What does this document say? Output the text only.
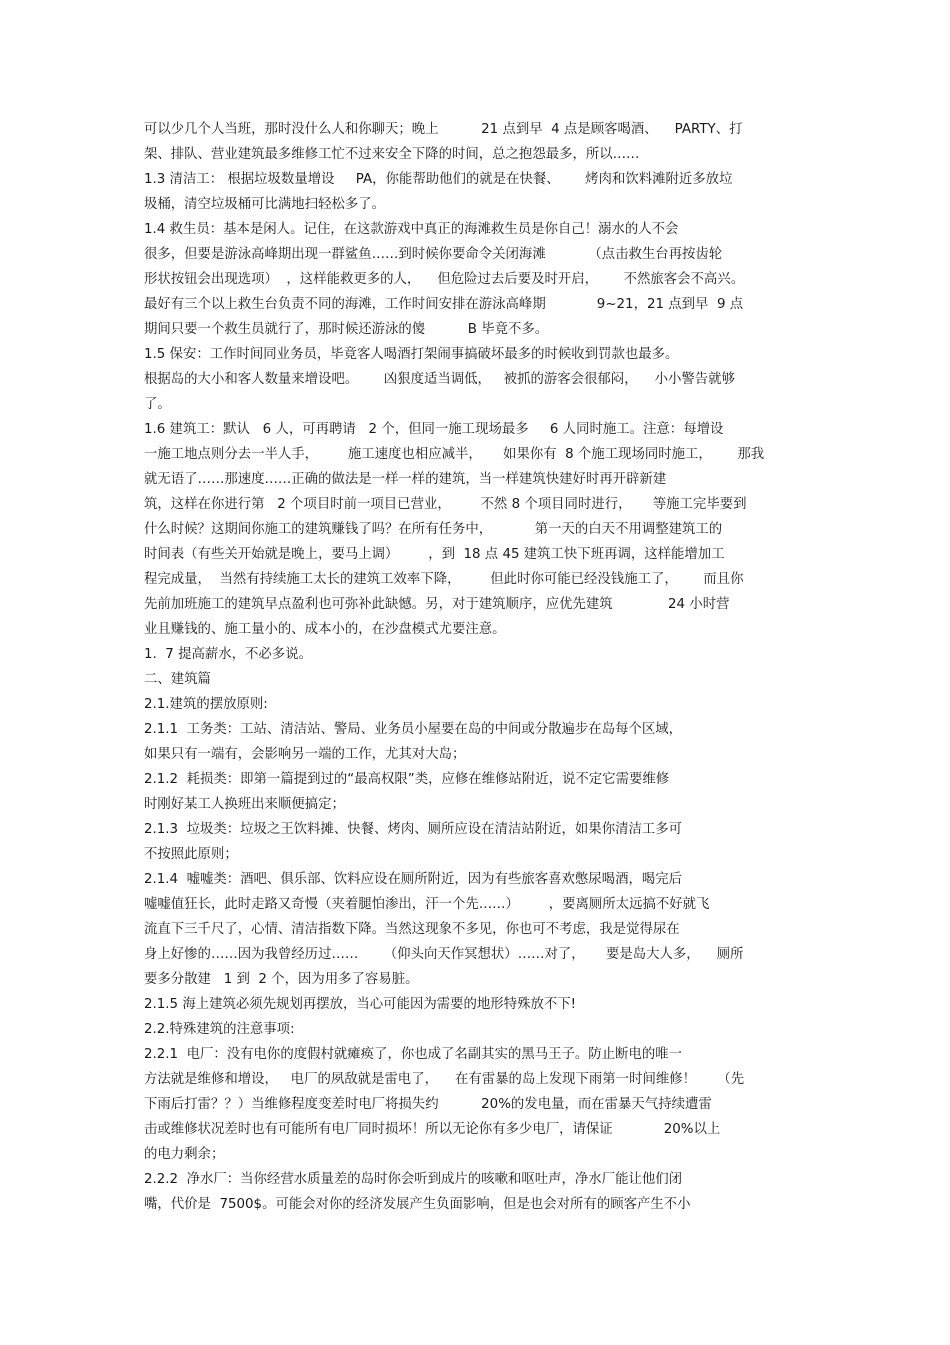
可以少几个人当班，那时没什么人和你聊天；晚上          21 点到早  4 点是顾客喝酒、    PARTY、打
架、排队、营业建筑最多维修工忙不过来安全下降的时间，总之抱怨最多，所以……
1.3 清洁工： 根据垃圾数量增设     PA，你能帮助他们的就是在快餐、      烤肉和饮料滩附近多放垃
圾桶，清空垃圾桶可比满地扫轻松多了。
1.4 救生员：基本是闲人。记住，在这款游戏中真正的海滩救生员是你自己！溺水的人不会
很多，但要是游泳高峰期出现一群鲨鱼……到时候你要命令关闭海滩          （点击救生台再按齿轮
形状按钮会出现选项）  ，这样能救更多的人，    但危险过去后要及时开启，      不然旅客会不高兴。
最好有三个以上救生台负责不同的海滩，工作时间安排在游泳高峰期            9~21，21 点到早  9 点
期间只要一个救生员就行了，那时候还游泳的傻          B 毕竟不多。
1.5 保安：工作时间同业务员，毕竟客人喝酒打架闹事搞破坏最多的时候收到罚款也最多。
根据岛的大小和客人数量来增设吧。      凶狠度适当调低，   被抓的游客会很郁闷，    小小警告就够
了。
1.6 建筑工：默认   6 人，可再聘请   2 个，但同一施工现场最多     6 人同时施工。注意：每增设
一施工地点则分去一半人手，       施工速度也相应减半，     如果你有  8 个施工现场同时施工，      那我
就无语了……那速度……正确的做法是一样一样的建筑，当一样建筑快建好时再开辟新建
筑，这样在你进行第   2 个项目时前一项目已营业，       不然 8 个项目同时进行，     等施工完毕要到
什么时候？这期间你施工的建筑赚钱了吗？在所有任务中，          第一天的白天不用调整建筑工的
时间表（有些关开始就是晚上，要马上调）       ，到  18 点 45 建筑工快下班再调，这样能增加工
程完成量，  当然有持续施工太长的建筑工效率下降，       但此时你可能已经没钱施工了，      而且你
先前加班施工的建筑早点盈利也可弥补此缺憾。另，对于建筑顺序，应优先建筑             24 小时营
业且赚钱的、施工量小的、成本小的，在沙盘模式尤要注意。
1.  7 提高薪水，不必多说。
二、建筑篇
2.1.建筑的摆放原则:
2.1.1  工务类：工站、清洁站、警局、业务员小屋要在岛的中间或分散遍步在岛每个区域，
如果只有一端有，会影响另一端的工作，尤其对大岛；
2.1.2  耗损类：即第一篇提到过的“最高权限”类，应修在维修站附近，说不定它需要维修
时刚好某工人换班出来顺便搞定；
2.1.3  垃圾类：垃圾之王饮料摊、快餐、烤肉、厕所应设在清洁站附近，如果你清洁工多可
不按照此原则；
2.1.4  嘘嘘类：酒吧、俱乐部、饮料应设在厕所附近，因为有些旅客喜欢憋尿喝酒，喝完后
嘘嘘值狂长，此时走路又奇慢（夹着腿怕渗出，汗一个先……）       ，要离厕所太远搞不好就飞
流直下三千尺了，心情、清洁指数下降。当然这现象不多见，你也可不考虑，我是觉得尿在
身上好惨的……因为我曾经历过……      （仰头向天作冥想状）……对了，     要是岛大人多，    厕所
要多分散建   1 到  2 个，因为用多了容易脏。
2.1.5 海上建筑必须先规划再摆放，当心可能因为需要的地形特殊放不下!
2.2.特殊建筑的注意事项:
2.2.1  电厂：没有电你的度假村就瘫痪了，你也成了名副其实的黑马王子。防止断电的唯一
方法就是维修和增设，   电厂的夙敌就是雷电了，    在有雷暴的岛上发现下雨第一时间维修！     （先
下雨后打雷？？）当维修程度变差时电厂将损失约          20%的发电量，而在雷暴天气持续遭雷
击或维修状况差时也有可能所有电厂同时损坏！所以无论你有多少电厂，请保证            20%以上
的电力剩余；
2.2.2  净水厂：当你经营水质量差的岛时你会听到成片的咳嗽和呕吐声，净水厂能让他们闭
嘴，代价是  7500$。可能会对你的经济发展产生负面影响，但是也会对所有的顾客产生不小
